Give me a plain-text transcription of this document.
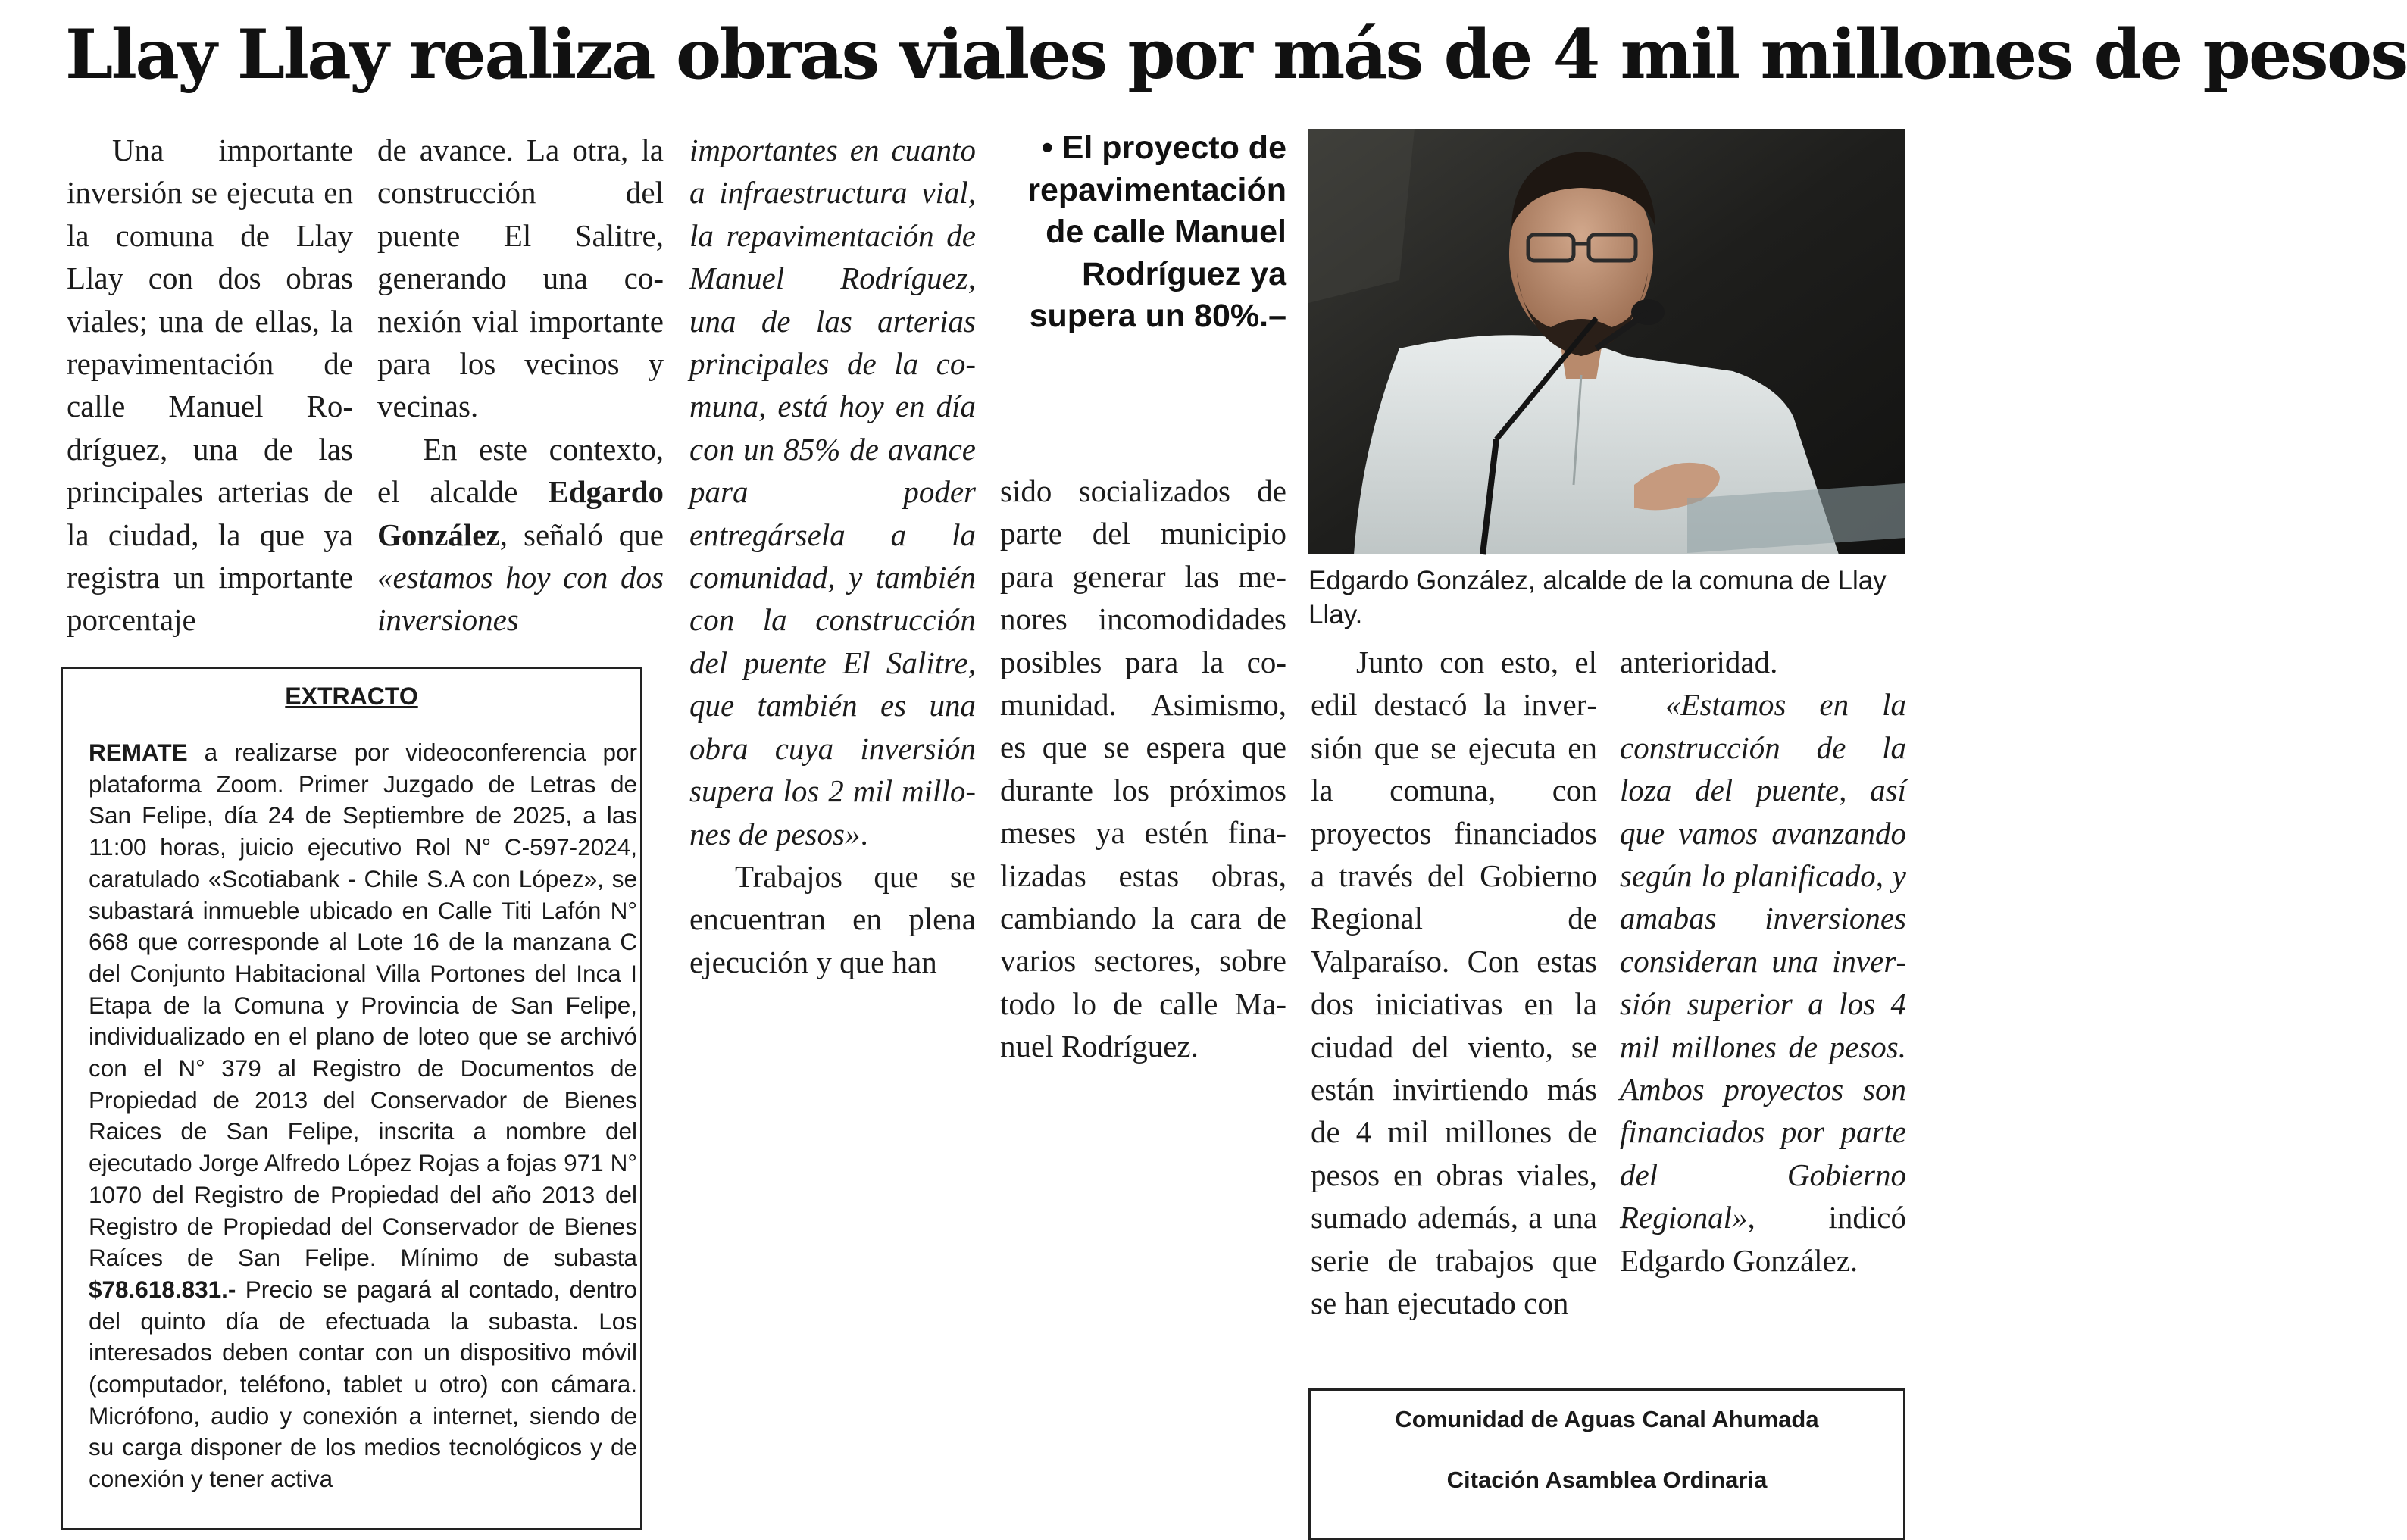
Llay Llay realiza obras viales por más de 4 mil millones de pesos

Una importante inversión se ejecuta en la comuna de Llay Llay con dos obras viales; una de ellas, la repavimentación de calle Manuel Rodríguez, una de las principales arterias de la ciudad, la que ya registra un importante porcentaje

de avance. La otra, la construcción del puente El Salitre, generando una conexión vial importante para los vecinos y vecinas.

En este contexto, el alcalde Edgardo González, señaló que «estamos hoy con dos inversiones

importantes en cuanto a infraestructura vial, la repavimentación de Manuel Rodríguez, una de las arterias principales de la comuna, está hoy en día con un 85% de avance para poder entregársela a la comunidad, y también con la construcción del puente El Salitre, que también es una obra cuya inversión supera los 2 mil millones de pesos».

Trabajos que se encuentran en plena ejecución y que han

• El proyecto de repavimentación de calle Manuel Rodríguez ya supera un 80%.–

sido socializados de parte del municipio para generar las menores incomodidades posibles para la comunidad. Asimismo, es que se espera que durante los próximos meses ya estén finalizadas estas obras, cambiando la cara de varios sectores, sobre todo lo de calle Manuel Rodríguez.

Edgardo González, alcalde de la comuna de Llay Llay.

Junto con esto, el edil destacó la inversión que se ejecuta en la comuna, con proyectos financiados a través del Gobierno Regional de Valparaíso. Con estas dos iniciativas en la ciudad del viento, se están invirtiendo más de 4 mil millones de pesos en obras viales, sumado además, a una serie de trabajos que se han ejecutado con

anterioridad.

«Estamos en la construcción de la loza del puente, así que vamos avanzando según lo planificado, y amabas inversiones consideran una inversión superior a los 4 mil millones de pesos. Ambos proyectos son financiados por parte del Gobierno Regional», indicó Edgardo González.

EXTRACTO
REMATE a realizarse por videoconferencia por plataforma Zoom. Primer Juzgado de Letras de San Felipe, día 24 de Septiembre de 2025, a las 11:00 horas, juicio ejecutivo Rol N° C-597-2024, caratulado «Scotiabank - Chile S.A con López», se subastará inmueble ubicado en Calle Titi Lafón N° 668 que corresponde al Lote 16 de la manzana C del Conjunto Habitacional Villa Portones del Inca I Etapa de la Comuna y Provincia de San Felipe, individualizado en el plano de loteo que se archivó con el N° 379 al Registro de Documentos de Propiedad de 2013 del Conservador de Bienes Raices de San Felipe, inscrita a nombre del ejecutado Jorge Alfredo López Rojas a fojas 971 N° 1070 del Registro de Propiedad del año 2013 del Registro de Propiedad del Conservador de Bienes Raíces de San Felipe. Mínimo de subasta $78.618.831.- Precio se pagará al contado, dentro del quinto día de efectuada la subasta. Los interesados deben contar con un dispositivo móvil (computador, teléfono, tablet u otro) con cámara. Micrófono, audio y conexión a internet, siendo de su carga disponer de los medios tecnológicos y de conexión y tener activa
Comunidad de Aguas Canal Ahumada
Citación Asamblea Ordinaria
